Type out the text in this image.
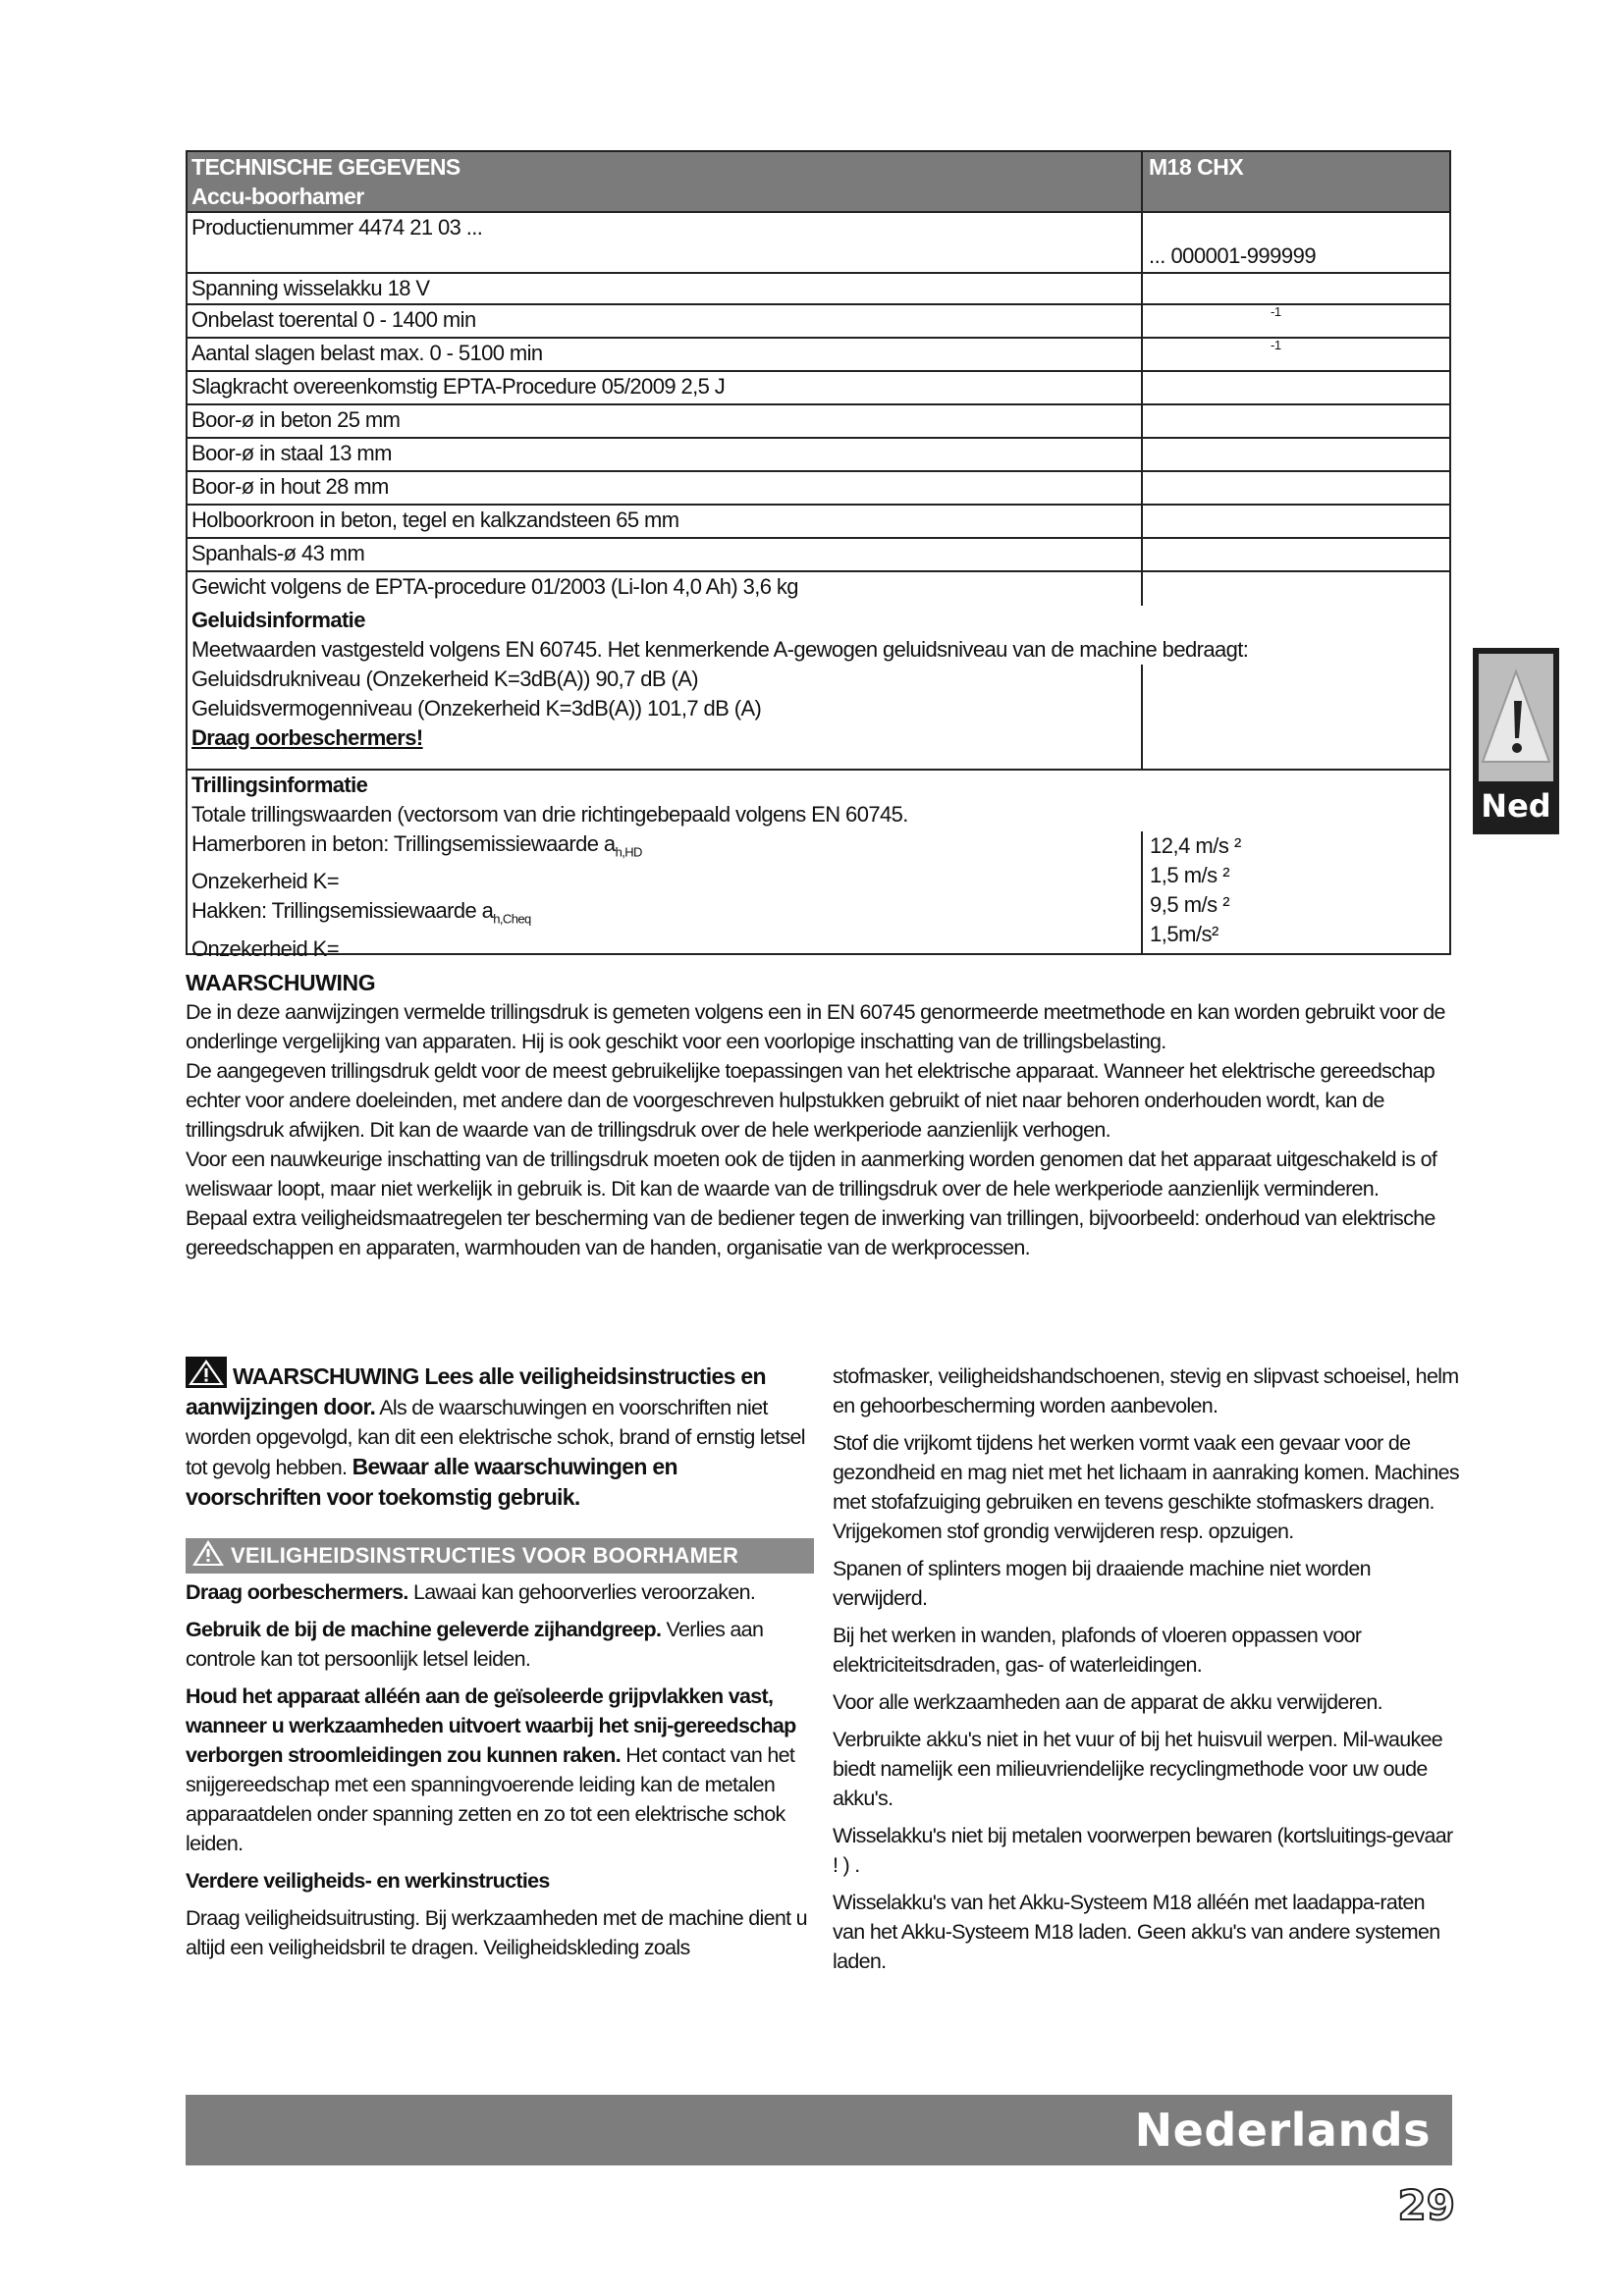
TECHNISCHE GEGEVENS
Accu-boorhamer
M18 CHX
Productienummer 4474 21 03 ...
... 000001-999999
Spanning wisselakku 18 V
Onbelast toerental 0 - 1400 min	-1
Aantal slagen belast max. 0 - 5100 min	-1
Slagkracht overeenkomstig EPTA-Procedure 05/2009 2,5 J
Boor-ø in beton 25 mm
Boor-ø in staal 13 mm
Boor-ø in hout 28 mm
Holboorkroon in beton, tegel en kalkzandsteen 65 mm
Spanhals-ø 43 mm
Gewicht volgens de EPTA-procedure 01/2003 (Li-Ion 4,0 Ah) 3,6 kg
Geluidsinformatie
Meetwaarden vastgesteld volgens EN 60745. Het kenmerkende A-gewogen geluidsniveau van de machine bedraagt:
Geluidsdrukniveau (Onzekerheid K=3dB(A)) 90,7 dB (A)
Geluidsvermogenniveau (Onzekerheid K=3dB(A)) 101,7 dB (A)
Draag oorbeschermers!
Trillingsinformatie
Totale trillingswaarden (vectorsom van drie richtingebepaald volgens EN 60745.
Hamerboren in beton: Trillingsemissiewaarde $a_{h,HD}$
Onzekerheid K=
Hakken: Trillingsemissiewaarde $a_{h,Cheq}$
Onzekerheid K=
12,4 m/s ²
1,5 m/s ²
9,5 m/s ²
1,5m/s²
WAARSCHUWING

De in deze aanwijzingen vermelde trillingsdruk is gemeten volgens een in EN 60745 genormeerde meetmethode en kan worden gebruikt voor de onderlinge vergelijking van apparaten. Hij is ook geschikt voor een voorlopige inschatting van de trillingsbelasting.

De aangegeven trillingsdruk geldt voor de meest gebruikelijke toepassingen van het elektrische apparaat. Wanneer het elektrische gereedschap echter voor andere doeleinden, met andere dan de voorgeschreven hulpstukken gebruikt of niet naar behoren onderhouden wordt, kan de trillingsdruk afwijken. Dit kan de waarde van de trillingsdruk over de hele werkperiode aanzienlijk verhogen.

Voor een nauwkeurige inschatting van de trillingsdruk moeten ook de tijden in aanmerking worden genomen dat het apparaat uitgeschakeld is of weliswaar loopt, maar niet werkelijk in gebruik is. Dit kan de waarde van de trillingsdruk over de hele werkperiode aanzienlijk verminderen.

Bepaal extra veiligheidsmaatregelen ter bescherming van de bediener tegen de inwerking van trillingen, bijvoorbeeld: onderhoud van elektrische gereedschappen en apparaten, warmhouden van de handen, organisatie van de werkprocessen.

WAARSCHUWING Lees alle veiligheidsinstructies en aanwijzingen door. Als de waarschuwingen en voorschriften niet worden opgevolgd, kan dit een elektrische schok, brand of ernstig letsel tot gevolg hebben. Bewaar alle waarschuwingen en voorschriften voor toekomstig gebruik.

VEILIGHEIDSINSTRUCTIES VOOR BOORHAMER

Draag oorbeschermers. Lawaai kan gehoorverlies veroorzaken.

Gebruik de bij de machine geleverde zijhandgreep. Verlies aan controle kan tot persoonlijk letsel leiden.

Houd het apparaat alléén aan de geïsoleerde grijpvlakken vast, wanneer u werkzaamheden uitvoert waarbij het snij-gereedschap verborgen stroomleidingen zou kunnen raken. Het contact van het snijgereedschap met een spanningvoerende leiding kan de metalen apparaatdelen onder spanning zetten en zo tot een elektrische schok leiden.

Verdere veiligheids- en werkinstructies

Draag veiligheidsuitrusting. Bij werkzaamheden met de machine dient u altijd een veiligheidsbril te dragen. Veiligheidskleding zoals

stofmasker, veiligheidshandschoenen, stevig en slipvast schoeisel, helm en gehoorbescherming worden aanbevolen.

Stof die vrijkomt tijdens het werken vormt vaak een gevaar voor de gezondheid en mag niet met het lichaam in aanraking komen. Machines met stofafzuiging gebruiken en tevens geschikte stofmaskers dragen. Vrijgekomen stof grondig verwijderen resp. opzuigen.

Spanen of splinters mogen bij draaiende machine niet worden verwijderd.

Bij het werken in wanden, plafonds of vloeren oppassen voor elektriciteitsdraden, gas- of waterleidingen.

Voor alle werkzaamheden aan de apparat de akku verwijderen.

Verbruikte akku's niet in het vuur of bij het huisvuil werpen. Mil-waukee biedt namelijk een milieuvriendelijke recyclingmethode voor uw oude akku's.

Wisselakku's niet bij metalen voorwerpen bewaren (kortsluitings-gevaar ! ) .

Wisselakku's van het Akku-Systeem M18 alléén met laadappa-raten van het Akku-Systeem M18 laden. Geen akku's van andere systemen laden.

Ned
Nederlands
29
